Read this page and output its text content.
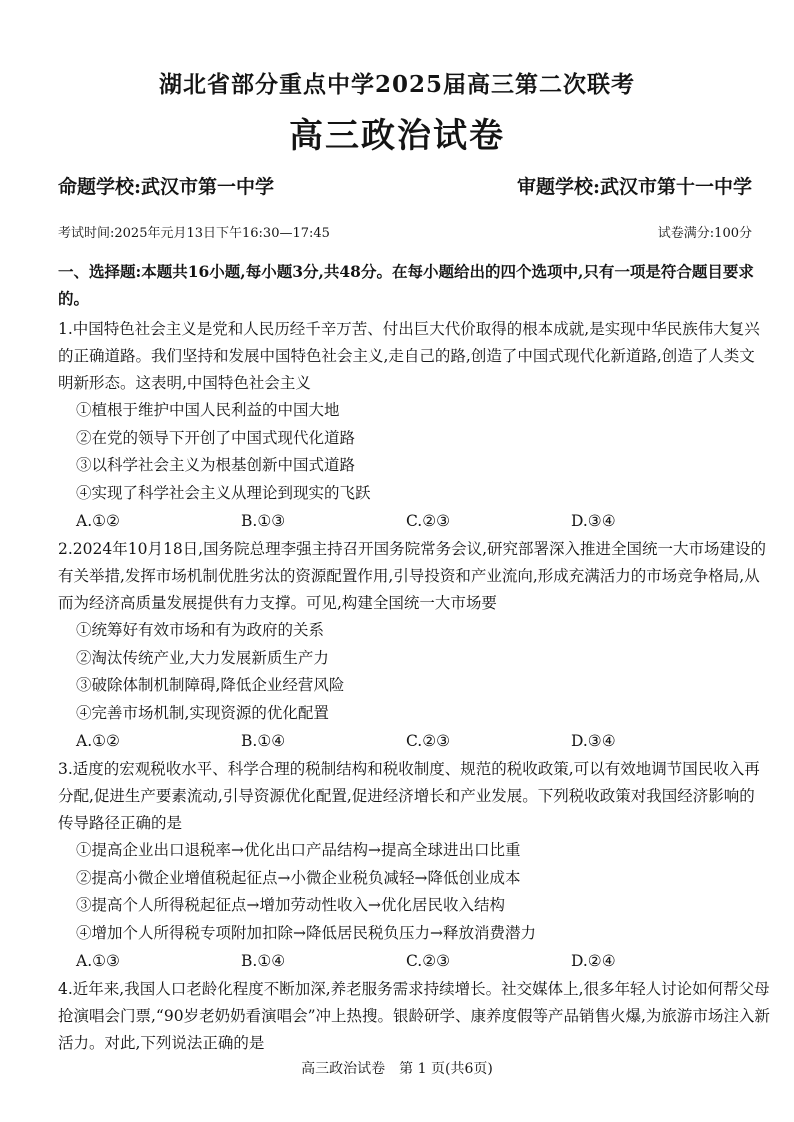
湖北省部分重点中学2025届高三第二次联考
高三政治试卷
命题学校:武汉市第一中学	审题学校:武汉市第十一中学
考试时间:2025年元月13日下午16:30—17:45	试卷满分:100分
一、选择题:本题共16小题,每小题3分,共48分。在每小题给出的四个选项中,只有一项是符合题目要求的。
1.中国特色社会主义是党和人民历经千辛万苦、付出巨大代价取得的根本成就,是实现中华民族伟大复兴的正确道路。我们坚持和发展中国特色社会主义,走自己的路,创造了中国式现代化新道路,创造了人类文明新形态。这表明,中国特色社会主义
①植根于维护中国人民利益的中国大地
②在党的领导下开创了中国式现代化道路
③以科学社会主义为根基创新中国式道路
④实现了科学社会主义从理论到现实的飞跃
A.①②	B.①③	C.②③	D.③④
2.2024年10月18日,国务院总理李强主持召开国务院常务会议,研究部署深入推进全国统一大市场建设的有关举措,发挥市场机制优胜劣汰的资源配置作用,引导投资和产业流向,形成充满活力的市场竞争格局,从而为经济高质量发展提供有力支撑。可见,构建全国统一大市场要
①统筹好有效市场和有为政府的关系
②淘汰传统产业,大力发展新质生产力
③破除体制机制障碍,降低企业经营风险
④完善市场机制,实现资源的优化配置
A.①②	B.①④	C.②③	D.③④
3.适度的宏观税收水平、科学合理的税制结构和税收制度、规范的税收政策,可以有效地调节国民收入再分配,促进生产要素流动,引导资源优化配置,促进经济增长和产业发展。下列税收政策对我国经济影响的传导路径正确的是
①提高企业出口退税率→优化出口产品结构→提高全球进出口比重
②提高小微企业增值税起征点→小微企业税负减轻→降低创业成本
③提高个人所得税起征点→增加劳动性收入→优化居民收入结构
④增加个人所得税专项附加扣除→降低居民税负压力→释放消费潜力
A.①③	B.①④	C.②③	D.②④
4.近年来,我国人口老龄化程度不断加深,养老服务需求持续增长。社交媒体上,很多年轻人讨论如何帮父母抢演唱会门票,“90岁老奶奶看演唱会”冲上热搜。银龄研学、康养度假等产品销售火爆,为旅游市场注入新活力。对此,下列说法正确的是
高三政治试卷　第 1 页(共6页)
